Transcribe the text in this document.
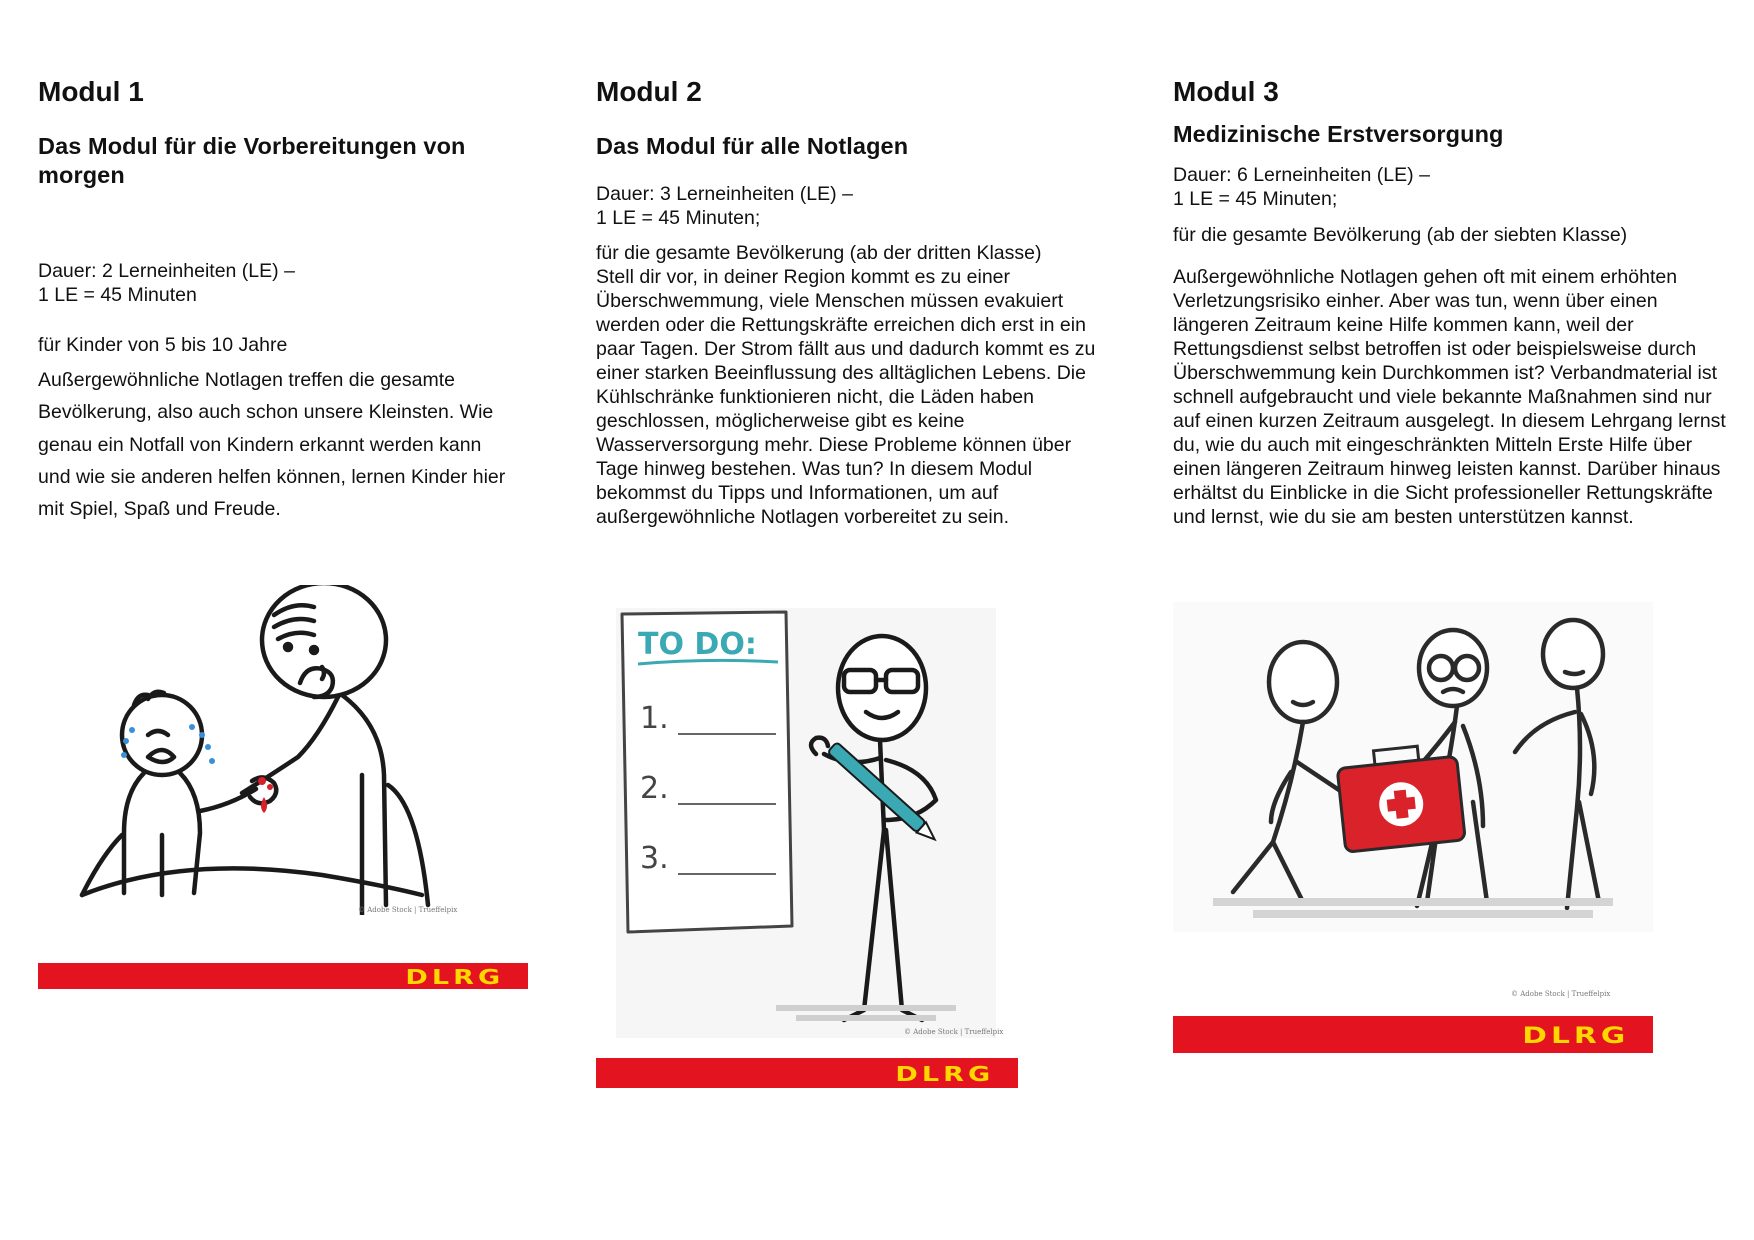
Modul 1
Das Modul für die Vorbereitungen von morgen

Dauer: 2 Lerneinheiten (LE) –
1 LE = 45 Minuten

für Kinder von 5 bis 10 Jahre

Außergewöhnliche Notlagen treffen die gesamte Bevölkerung, also auch schon unsere Kleinsten. Wie genau ein Notfall von Kindern erkannt werden kann und wie sie anderen helfen können, lernen Kinder hier mit Spiel, Spaß und Freude.

© Adobe Stock | Trueffelpix
DLRG
Modul 2
Das Modul für alle Notlagen

Dauer: 3 Lerneinheiten (LE) –
1 LE = 45 Minuten;

für die gesamte Bevölkerung (ab der dritten Klasse)

Stell dir vor, in deiner Region kommt es zu einer Überschwemmung, viele Menschen müssen evakuiert werden oder die Rettungskräfte erreichen dich erst in ein paar Tagen. Der Strom fällt aus und dadurch kommt es zu einer starken Beeinflussung des alltäglichen Lebens. Die Kühlschränke funktionieren nicht, die Läden haben geschlossen, möglicherweise gibt es keine Wasserversorgung mehr. Diese Probleme können über Tage hinweg bestehen. Was tun? In diesem Modul bekommst du Tipps und Informationen, um auf außergewöhnliche Notlagen vorbereitet zu sein.

TO DO:
1.
2.
3.
© Adobe Stock | Trueffelpix
DLRG
Modul 3
Medizinische Erstversorgung

Dauer: 6 Lerneinheiten (LE) –
1 LE = 45 Minuten;

für die gesamte Bevölkerung (ab der siebten Klasse)

Außergewöhnliche Notlagen gehen oft mit einem erhöhten Verletzungsrisiko einher. Aber was tun, wenn über einen längeren Zeitraum keine Hilfe kommen kann, weil der Rettungsdienst selbst betroffen ist oder beispielsweise durch Überschwemmung kein Durchkommen ist? Verbandmaterial ist schnell aufgebraucht und viele bekannte Maßnahmen sind nur auf einen kurzen Zeitraum ausgelegt. In diesem Lehrgang lernst du, wie du auch mit eingeschränkten Mitteln Erste Hilfe über einen längeren Zeitraum hinweg leisten kannst. Darüber hinaus erhältst du Einblicke in die Sicht professioneller Rettungskräfte und lernst, wie du sie am besten unterstützen kannst.

© Adobe Stock | Trueffelpix
DLRG
